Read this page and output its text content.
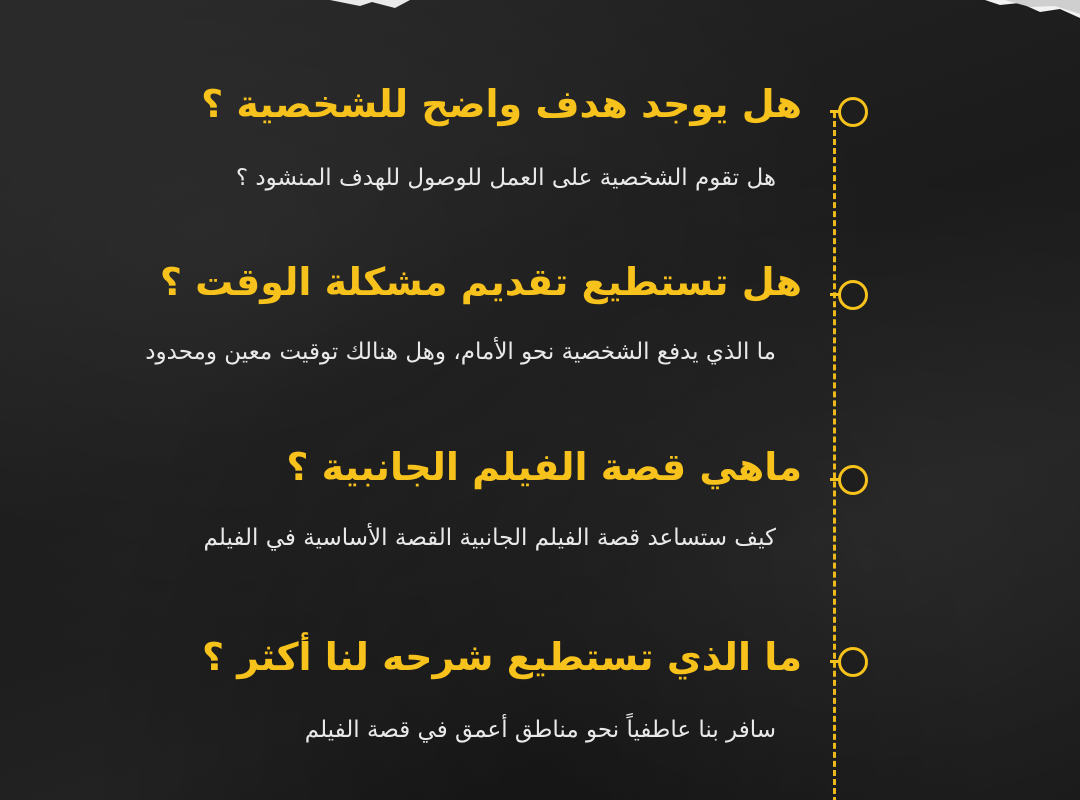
هل يوجد هدف واضح للشخصية ؟
هل تقوم الشخصية على العمل للوصول للهدف المنشود ؟
هل تستطيع تقديم مشكلة الوقت ؟
ما الذي يدفع الشخصية نحو الأمام، وهل هنالك توقيت معين ومحدود
ماهي قصة الفيلم الجانبية ؟
كيف ستساعد قصة الفيلم الجانبية القصة الأساسية في الفيلم
ما الذي تستطيع شرحه لنا أكثر ؟
سافر بنا عاطفياً نحو مناطق أعمق في قصة الفيلم
